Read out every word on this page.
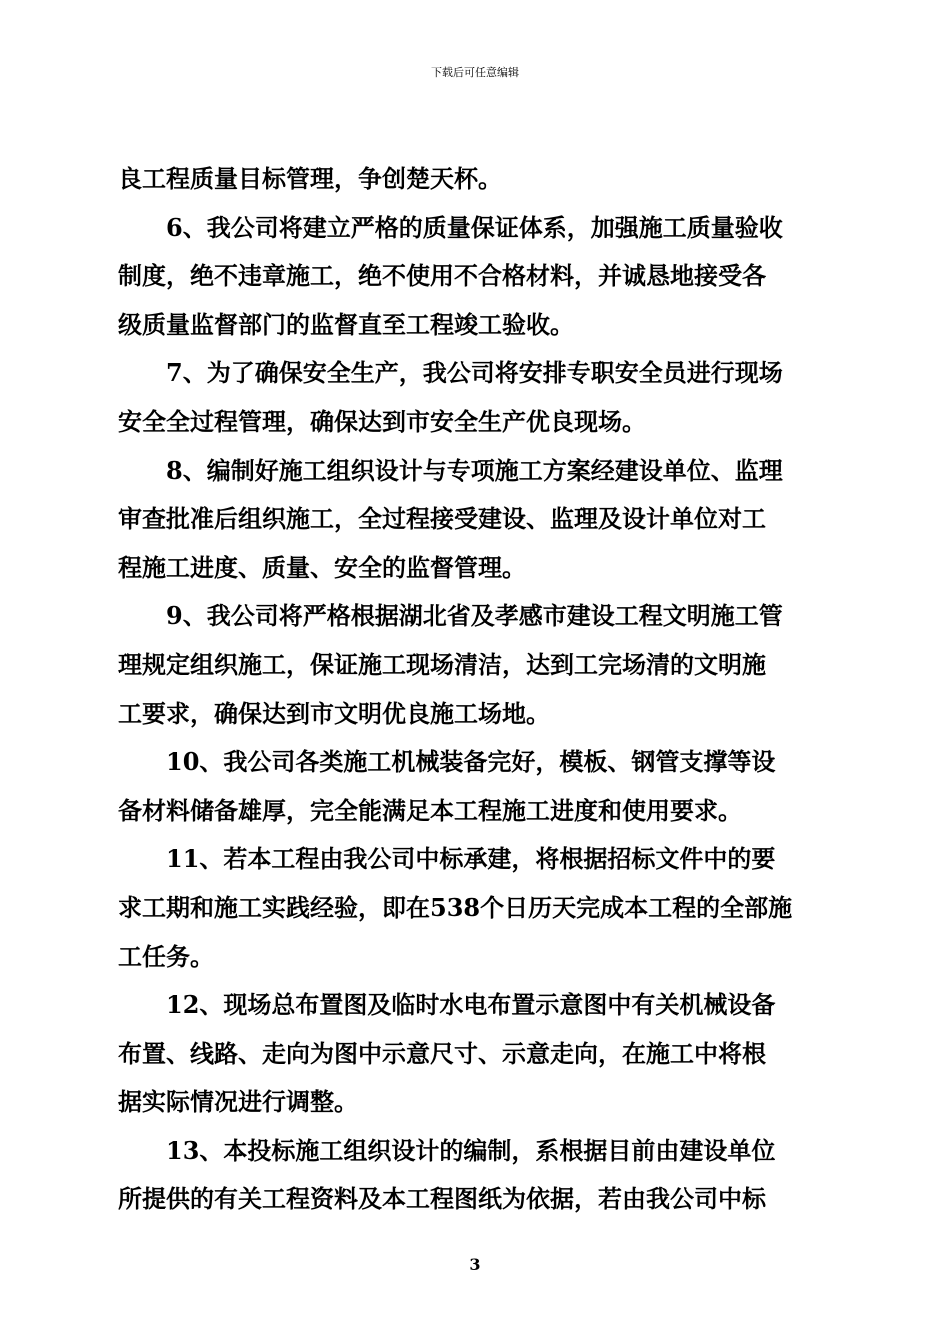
下载后可任意编辑
良工程质量目标管理，争创楚天杯。
6、我公司将建立严格的质量保证体系，加强施工质量验收
制度，绝不违章施工，绝不使用不合格材料，并诚恳地接受各
级质量监督部门的监督直至工程竣工验收。
7、为了确保安全生产，我公司将安排专职安全员进行现场
安全全过程管理，确保达到市安全生产优良现场。
8、编制好施工组织设计与专项施工方案经建设单位、监理
审查批准后组织施工，全过程接受建设、监理及设计单位对工
程施工进度、质量、安全的监督管理。
9、我公司将严格根据湖北省及孝感市建设工程文明施工管
理规定组织施工，保证施工现场清洁，达到工完场清的文明施
工要求，确保达到市文明优良施工场地。
10、我公司各类施工机械装备完好，模板、钢管支撑等设
备材料储备雄厚，完全能满足本工程施工进度和使用要求。
11、若本工程由我公司中标承建，将根据招标文件中的要
求工期和施工实践经验，即在538个日历天完成本工程的全部施
工任务。
12、现场总布置图及临时水电布置示意图中有关机械设备
布置、线路、走向为图中示意尺寸、示意走向，在施工中将根
据实际情况进行调整。
13、本投标施工组织设计的编制，系根据目前由建设单位
所提供的有关工程资料及本工程图纸为依据，若由我公司中标
3
